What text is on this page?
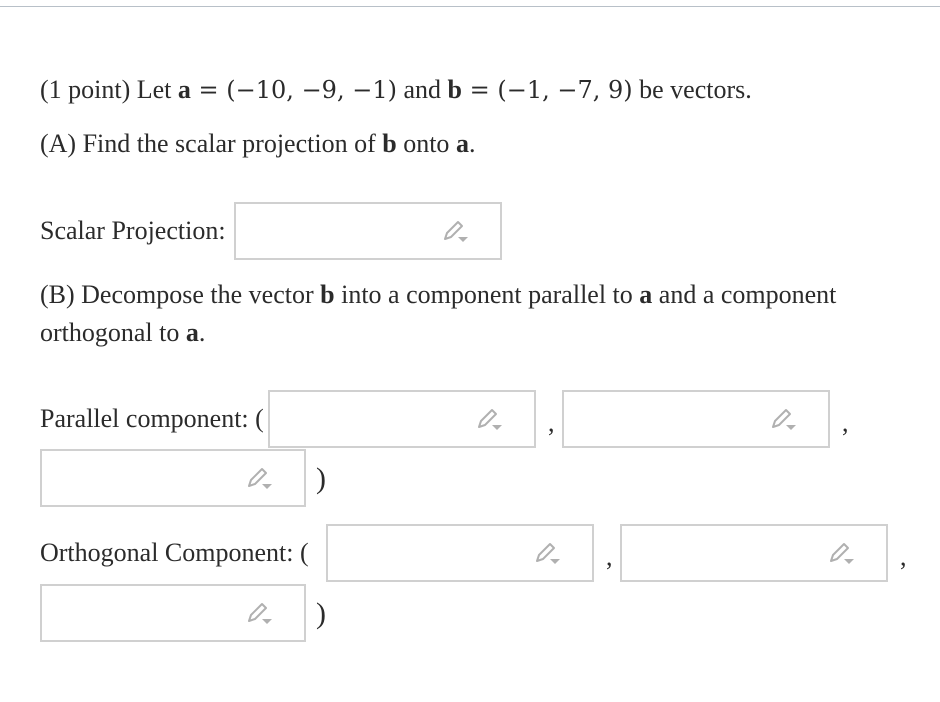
(1 point) Let a = (−10, −9, −1) and b = (−1, −7, 9) be vectors.
(A) Find the scalar projection of b onto a.
Scalar Projection:
(B) Decompose the vector b into a component parallel to a and a component
orthogonal to a.
Parallel component: (	,	,
)
Orthogonal Component: (	,	,
)
